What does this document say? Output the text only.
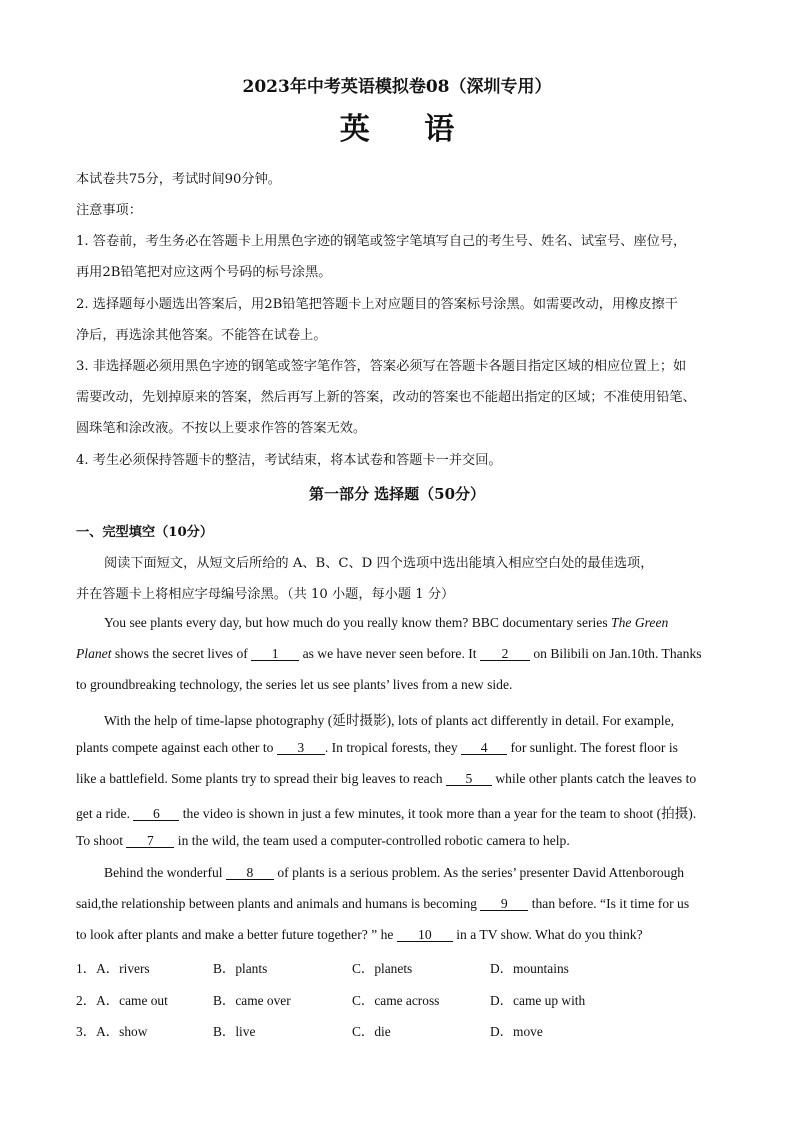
2023年中考英语模拟卷08（深圳专用）
英 语
本试卷共75分，考试时间90分钟。
注意事项：
1. 答卷前，考生务必在答题卡上用黑色字迹的钢笔或签字笔填写自己的考生号、姓名、试室号、座位号，
再用2B铅笔把对应这两个号码的标号涂黑。
2. 选择题每小题选出答案后，用2B铅笔把答题卡上对应题目的答案标号涂黑。如需要改动，用橡皮擦干
净后，再选涂其他答案。不能答在试卷上。
3. 非选择题必须用黑色字迹的钢笔或签字笔作答，答案必须写在答题卡各题目指定区域的相应位置上；如
需要改动，先划掉原来的答案，然后再写上新的答案，改动的答案也不能超出指定的区域；不准使用铅笔、
圆珠笔和涂改液。不按以上要求作答的答案无效。
4. 考生必须保持答题卡的整洁，考试结束，将本试卷和答题卡一并交回。
第一部分 选择题（50分）
一、完型填空（10分）
阅读下面短文，从短文后所给的 A、B、C、D 四个选项中选出能填入相应空白处的最佳选项，
并在答题卡上将相应字母编号涂黑。（共 10 小题，每小题 1 分）
You see plants every day, but how much do you really know them? BBC documentary series The Green
Planet shows the secret lives of 1 as we have never seen before. It 2 on Bilibili on Jan.10th. Thanks
to groundbreaking technology, the series let us see plants’ lives from a new side.
With the help of time-lapse photography (延时摄影), lots of plants act differently in detail. For example,
plants compete against each other to 3 . In tropical forests, they 4 for sunlight. The forest floor is
like a battlefield. Some plants try to spread their big leaves to reach 5 while other plants catch the leaves to
get a ride. 6 the video is shown in just a few minutes, it took more than a year for the team to shoot (拍摄).
To shoot 7 in the wild, the team used a computer-controlled robotic camera to help.
Behind the wonderful 8 of plants is a serious problem. As the series’ presenter David Attenborough
said,the relationship between plants and animals and humans is becoming 9 than before. “Is it time for us
to look after plants and make a better future together? ” he 10 in a TV show. What do you think?
1．A．rivers	B．plants	C．planets	D．mountains
2．A．came out	B．came over	C．came across	D．came up with
3．A．show	B．live	C．die	D．move
